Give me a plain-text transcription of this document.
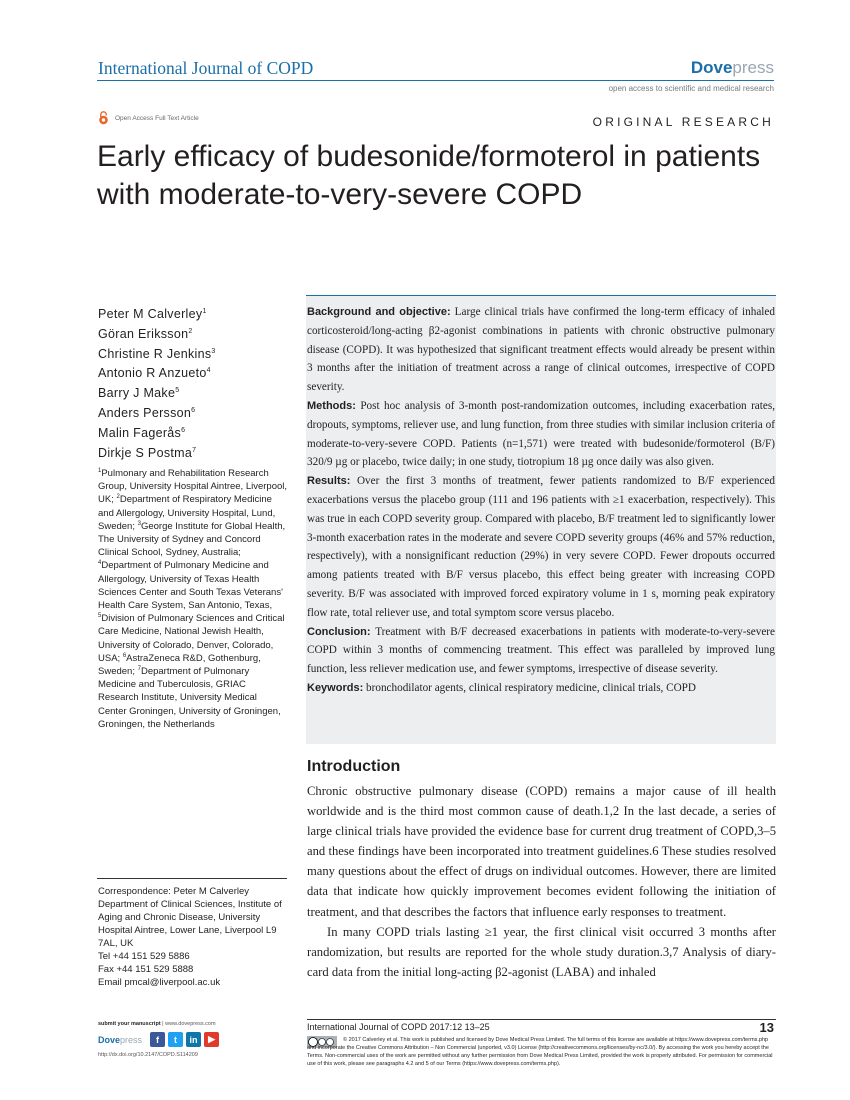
International Journal of COPD	Dovepress
open access to scientific and medical research
Open Access Full Text Article	ORIGINAL RESEARCH
Early efficacy of budesonide/formoterol in patients with moderate-to-very-severe COPD
Peter M Calverley$^1$
Göran Eriksson$^2$
Christine R Jenkins$^3$
Antonio R Anzueto$^4$
Barry J Make$^5$
Anders Persson$^6$
Malin Fagerås$^6$
Dirkje S Postma$^7$
$^1$Pulmonary and Rehabilitation Research Group, University Hospital Aintree, Liverpool, UK; $^2$Department of Respiratory Medicine and Allergology, University Hospital, Lund, Sweden; $^3$George Institute for Global Health, The University of Sydney and Concord Clinical School, Sydney, Australia; $^4$Department of Pulmonary Medicine and Allergology, University of Texas Health Sciences Center and South Texas Veterans' Health Care System, San Antonio, Texas, $^5$Division of Pulmonary Sciences and Critical Care Medicine, National Jewish Health, University of Colorado, Denver, Colorado, USA; $^6$AstraZeneca R&D, Gothenburg, Sweden; $^7$Department of Pulmonary Medicine and Tuberculosis, GRIAC Research Institute, University Medical Center Groningen, University of Groningen, Groningen, the Netherlands
Correspondence: Peter M Calverley
Department of Clinical Sciences, Institute of Aging and Chronic Disease, University Hospital Aintree, Lower Lane, Liverpool L9 7AL, UK
Tel +44 151 529 5886
Fax +44 151 529 5888
Email pmcal@liverpool.ac.uk

Background and objective: Large clinical trials have confirmed the long-term efficacy of inhaled corticosteroid/long-acting β2-agonist combinations in patients with chronic obstructive pulmonary disease (COPD). It was hypothesized that significant treatment effects would already be present within 3 months after the initiation of treatment across a range of clinical outcomes, irrespective of COPD severity.

Methods: Post hoc analysis of 3-month post-randomization outcomes, including exacerbation rates, dropouts, symptoms, reliever use, and lung function, from three studies with similar inclusion criteria of moderate-to-very-severe COPD. Patients (n=1,571) were treated with budesonide/formoterol (B/F) 320/9 µg or placebo, twice daily; in one study, tiotropium 18 µg once daily was also given.

Results: Over the first 3 months of treatment, fewer patients randomized to B/F experienced exacerbations versus the placebo group (111 and 196 patients with ≥1 exacerbation, respectively). This was true in each COPD severity group. Compared with placebo, B/F treatment led to significantly lower 3-month exacerbation rates in the moderate and severe COPD severity groups (46% and 57% reduction, respectively), with a nonsignificant reduction (29%) in very severe COPD. Fewer dropouts occurred among patients treated with B/F versus placebo, this effect being greater with increasing COPD severity. B/F was associated with improved forced expiratory volume in 1 s, morning peak expiratory flow rate, total reliever use, and total symptom score versus placebo.

Conclusion: Treatment with B/F decreased exacerbations in patients with moderate-to-very-severe COPD within 3 months of commencing treatment. This effect was paralleled by improved lung function, less reliever medication use, and fewer symptoms, irrespective of disease severity.

Keywords: bronchodilator agents, clinical respiratory medicine, clinical trials, COPD

Introduction

Chronic obstructive pulmonary disease (COPD) remains a major cause of ill health worldwide and is the third most common cause of death.1,2 In the last decade, a series of large clinical trials have provided the evidence base for current drug treatment of COPD,3–5 and these findings have been incorporated into treatment guidelines.6 These studies resolved many questions about the effect of drugs on individual outcomes. However, there are limited data that indicate how quickly improvement becomes evident following the initiation of treatment, and that describes the factors that influence early responses to treatment.

In many COPD trials lasting ≥1 year, the first clinical visit occurred 3 months after randomization, but results are reported for the whole study duration.3,7 Analysis of diary-card data from the initial long-acting β2-agonist (LABA) and inhaled

submit your manuscript | www.dovepress.com
Dovepress	f	t	in	▶
http://dx.doi.org/10.2147/COPD.S114209
International Journal of COPD 2017:12 13–25	13
© 2017 Calverley et al. This work is published and licensed by Dove Medical Press Limited. The full terms of this license are available at https://www.dovepress.com/terms.php and incorporate the Creative Commons Attribution – Non Commercial (unported, v3.0) License (http://creativecommons.org/licenses/by-nc/3.0/). By accessing the work you hereby accept the Terms. Non-commercial uses of the work are permitted without any further permission from Dove Medical Press Limited, provided the work is properly attributed. For permission for commercial use of this work, please see paragraphs 4.2 and 5 of our Terms (https://www.dovepress.com/terms.php).
